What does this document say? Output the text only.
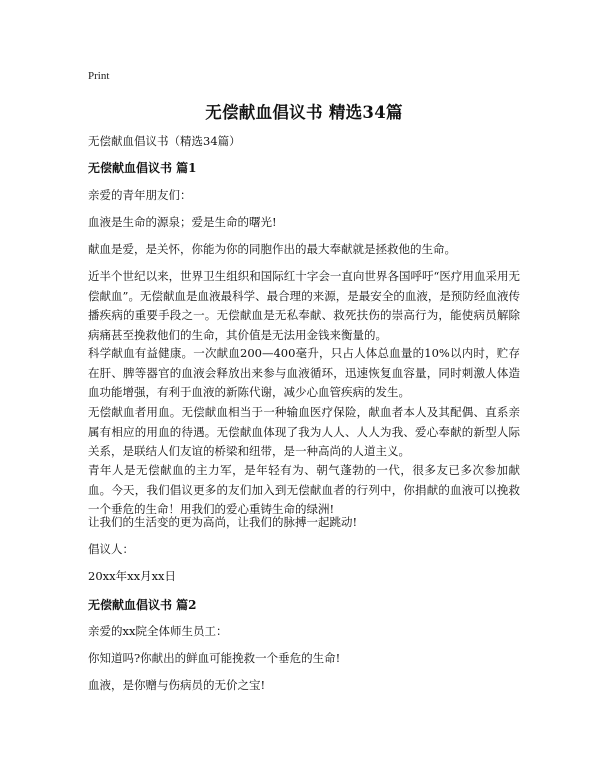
Print
无偿献血倡议书 精选34篇
无偿献血倡议书（精选34篇）
无偿献血倡议书 篇1
亲爱的青年朋友们：
血液是生命的源泉；爱是生命的曙光!
献血是爱，是关怀，你能为你的同胞作出的最大奉献就是拯救他的生命。
近半个世纪以来，世界卫生组织和国际红十字会一直向世界各国呼吁“医疗用血采用无偿献血”。无偿献血是血液最科学、最合理的来源，是最安全的血液，是预防经血液传播疾病的重要手段之一。无偿献血是无私奉献、救死扶伤的崇高行为，能使病员解除病痛甚至挽救他们的生命，其价值是无法用金钱来衡量的。
科学献血有益健康。一次献血200—400毫升，只占人体总血量的10%以内时，贮存在肝、脾等器官的血液会释放出来参与血液循环，迅速恢复血容量，同时刺激人体造血功能增强，有利于血液的新陈代谢，减少心血管疾病的发生。
无偿献血者用血。无偿献血相当于一种输血医疗保险，献血者本人及其配偶、直系亲属有相应的用血的待遇。无偿献血体现了我为人人、人人为我、爱心奉献的新型人际关系，是联结人们友谊的桥梁和纽带，是一种高尚的人道主义。
青年人是无偿献血的主力军，是年轻有为、朝气蓬勃的一代，很多友已多次参加献血。今天，我们倡议更多的友们加入到无偿献血者的行列中，你捐献的血液可以挽救一个垂危的生命！用我们的爱心重铸生命的绿洲!
让我们的生活变的更为高尚，让我们的脉搏一起跳动!
倡议人：
20xx年xx月xx日
无偿献血倡议书 篇2
亲爱的xx院全体师生员工：
你知道吗?你献出的鲜血可能挽救一个垂危的生命!
血液，是你赠与伤病员的无价之宝!
